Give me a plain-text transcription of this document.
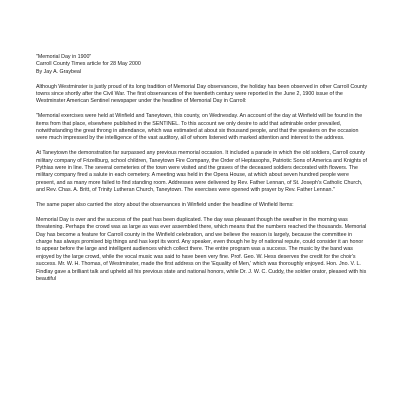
"Memorial Day in 1900"
Carroll County Times article for 28 May 2000
By Jay A. Graybeal

Although Westminster is justly proud of its long tradition of Memorial Day observances, the holiday has been observed in other Carroll County towns since shortly after the Civil War. The first observances of the twentieth century were reported in the June 2, 1900 issue of the Westminster American Sentinel newspaper under the headline of Memorial Day in Carroll:

"Memorial exercises were held at Winfield and Taneytown, this county, on Wednesday. An account of the day at Winfield will be found in the items from that place, elsewhere published in the SENTINEL. To this account we only desire to add that admirable order prevailed, notwithstanding the great throng in attendance, which was estimated at about six thousand people, and that the speakers on the occasion were much impressed by the intelligence of the vast auditory, all of whom listened with marked attention and interest to the address.

At Taneytown the demonstration far surpassed any previous memorial occasion. It included a parade in which the old soldiers, Carroll county military company of Frizellburg, school children, Taneytown Fire Company, the Order of Heptasophs, Patriotic Sons of America and Knights of Pythias were in line. The several cemeteries of the town were visited and the graves of the deceased soldiers decorated with flowers. The military company fired a salute in each cemetery. A meeting was held in the Opera House, at which about seven hundred people were present, and as many more failed to find standing room. Addresses were delivered by Rev. Father Lennan, of St. Joseph's Catholic Church, and Rev. Chas. A. Britt, of Trinity Lutheran Church, Taneytown. The exercises were opened with prayer by Rev. Father Lennan."

The same paper also carried the story about the observances in Winfield under the headline of Winfield Items:

Memorial Day is over and the success of the past has been duplicated. The day was pleasant though the weather in the morning was threatening. Perhaps the crowd was as large as was ever assembled there, which means that the numbers reached the thousands. Memorial Day has become a feature for Carroll county in the Winfield celebration, and we believe the reason is largely, because the committee in charge has always promised big things and has kept its word. Any speaker, even though he by of national repute, could consider it an honor to appear before the large and intelligent audiences which collect there. The entire program was a success. The music by the band was enjoyed by the large crowd, while the vocal music was said to have been very fine. Prof. Geo. W. Hess deserves the credit for the choir's success. Mr. W. H. Thomas, of Westminster, made the first address on the 'Equality of Men,' which was thoroughly enjoyed. Hon. Jno. V. L. Findlay gave a brilliant talk and upheld all his previous state and national honors, while Dr. J. W. C. Cuddy, the soldier orator, pleased with his beautiful
